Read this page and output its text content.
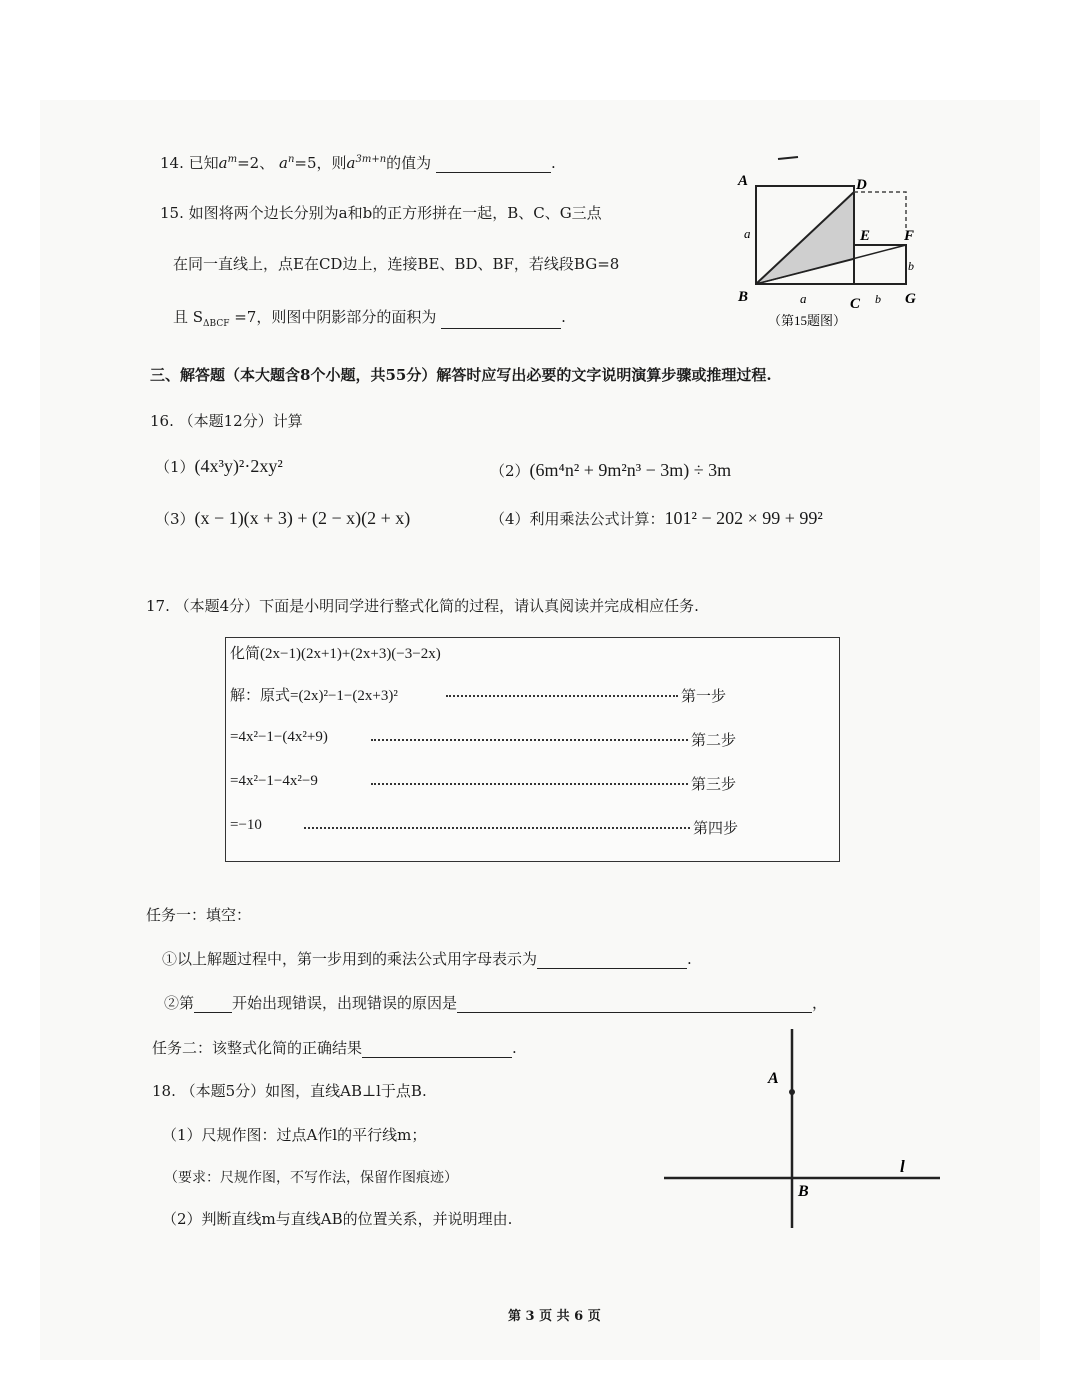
14. 已知$a^m=2$、 $a^n=5$，则$a^{3m+n}$的值为	.
15. 如图将两个边长分别为a和b的正方形拼在一起，B、C、G三点
在同一直线上，点E在CD边上，连接BE、BD、BF，若线段BG=8
且 $S_{\Delta BCF} =7$，则图中阴影部分的面积为	.
A	D
E F
B	C	G
a
a
b
b
（第15题图）
三、解答题（本大题含8个小题，共55分）解答时应写出必要的文字说明演算步骤或推理过程.
16. （本题12分）计算
（1）(4x³y)²·2xy²	（2）(6m⁴n² + 9m²n³ − 3m) ÷ 3m
（3）(x − 1)(x + 3) + (2 − x)(2 + x)	（4）利用乘法公式计算：101² − 202 × 99 + 99²
17. （本题4分）下面是小明同学进行整式化简的过程，请认真阅读并完成相应任务.
化简(2x−1)(2x+1)+(2x+3)(−3−2x)
解：原式=(2x)²−1−(2x+3)²	第一步
=4x²−1−(4x²+9)	第二步
=4x²−1−4x²−9	第三步
=−10	第四步
任务一：填空：
①以上解题过程中，第一步用到的乘法公式用字母表示为	.
②第	开始出现错误，出现错误的原因是	，
任务二：该整式化简的正确结果	.
18. （本题5分）如图，直线AB⊥l于点B.
（1）尺规作图：过点A作l的平行线m；
（要求：尺规作图，不写作法，保留作图痕迹）
（2）判断直线m与直线AB的位置关系，并说明理由.
A
B
l
第 3 页 共 6 页
